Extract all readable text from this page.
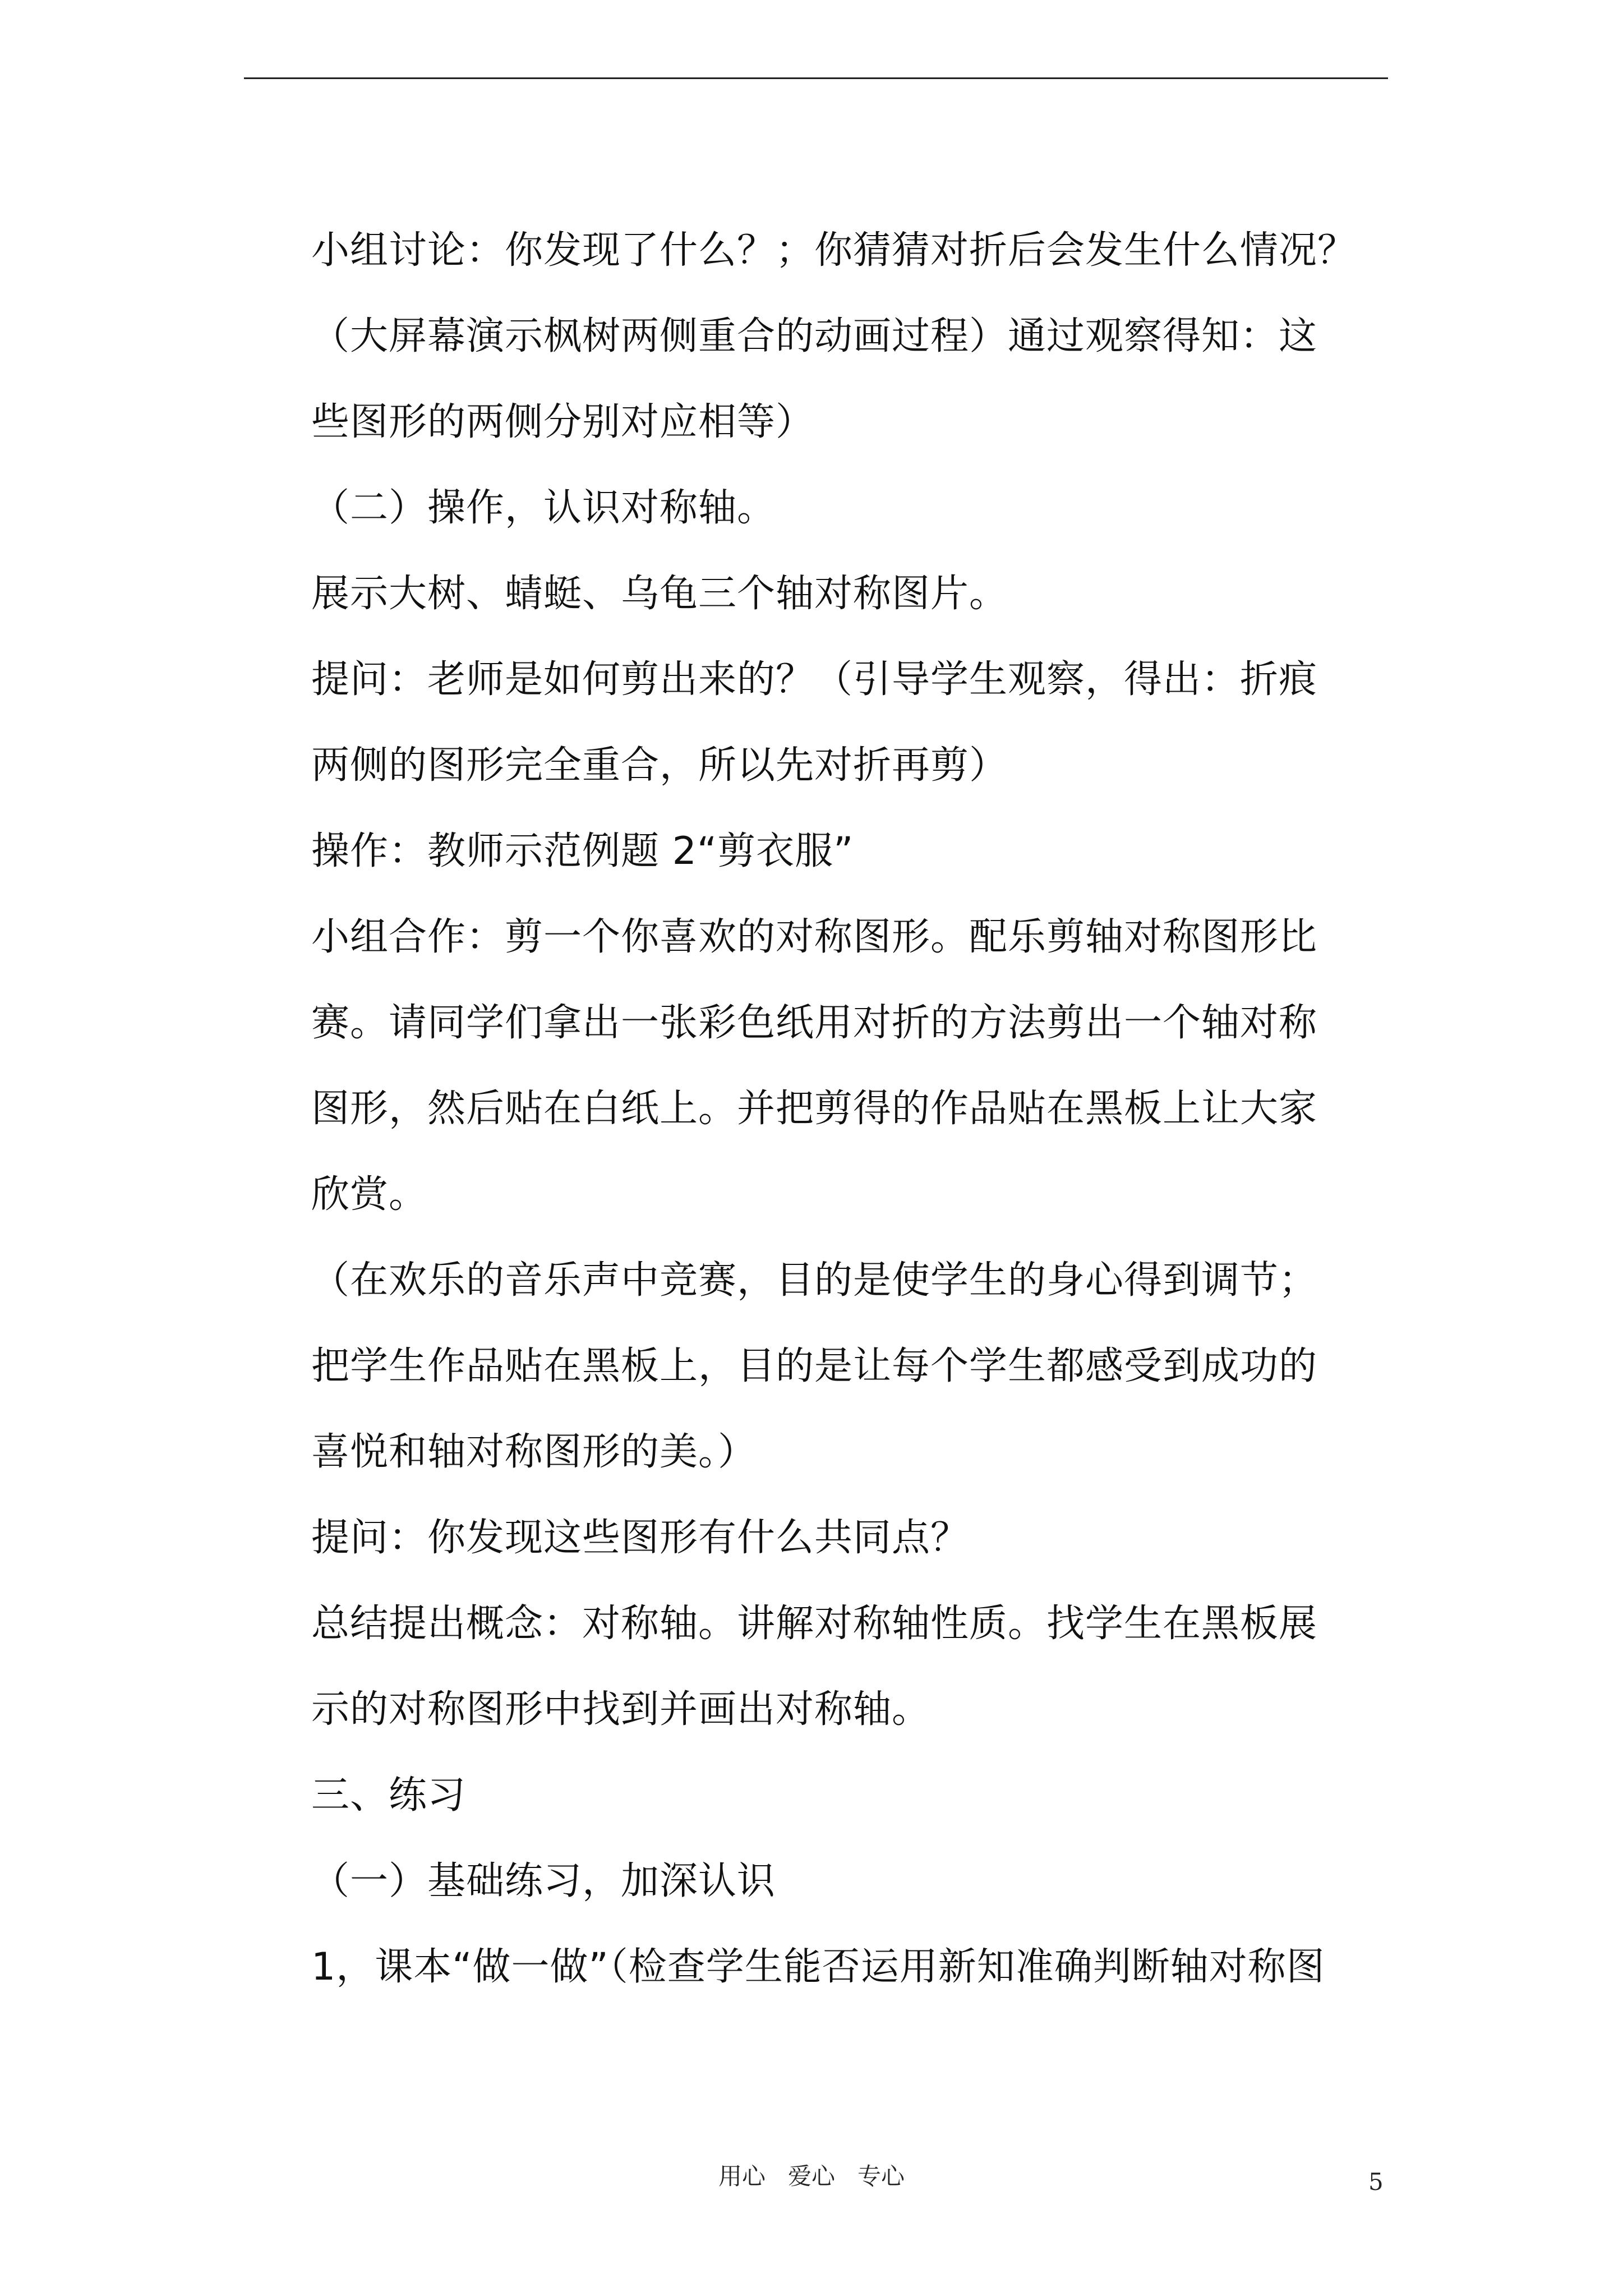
小组讨论：你发现了什么？；你猜猜对折后会发生什么情况？
（大屏幕演示枫树两侧重合的动画过程）通过观察得知：这
些图形的两侧分别对应相等）
（二）操作，认识对称轴。
展示大树、蜻蜓、乌龟三个轴对称图片。
提问：老师是如何剪出来的？（引导学生观察，得出：折痕
两侧的图形完全重合，所以先对折再剪）
操作：教师示范例题 2“剪衣服”
小组合作：剪一个你喜欢的对称图形。配乐剪轴对称图形比
赛。请同学们拿出一张彩色纸用对折的方法剪出一个轴对称
图形，然后贴在白纸上。并把剪得的作品贴在黑板上让大家
欣赏。
（在欢乐的音乐声中竞赛，目的是使学生的身心得到调节；
把学生作品贴在黑板上，目的是让每个学生都感受到成功的
喜悦和轴对称图形的美。）
提问：你发现这些图形有什么共同点？
总结提出概念：对称轴。讲解对称轴性质。找学生在黑板展
示的对称图形中找到并画出对称轴。
三、练习
（一）基础练习，加深认识
1，课本“做一做”（检查学生能否运用新知准确判断轴对称图
用心   爱心   专心	5
